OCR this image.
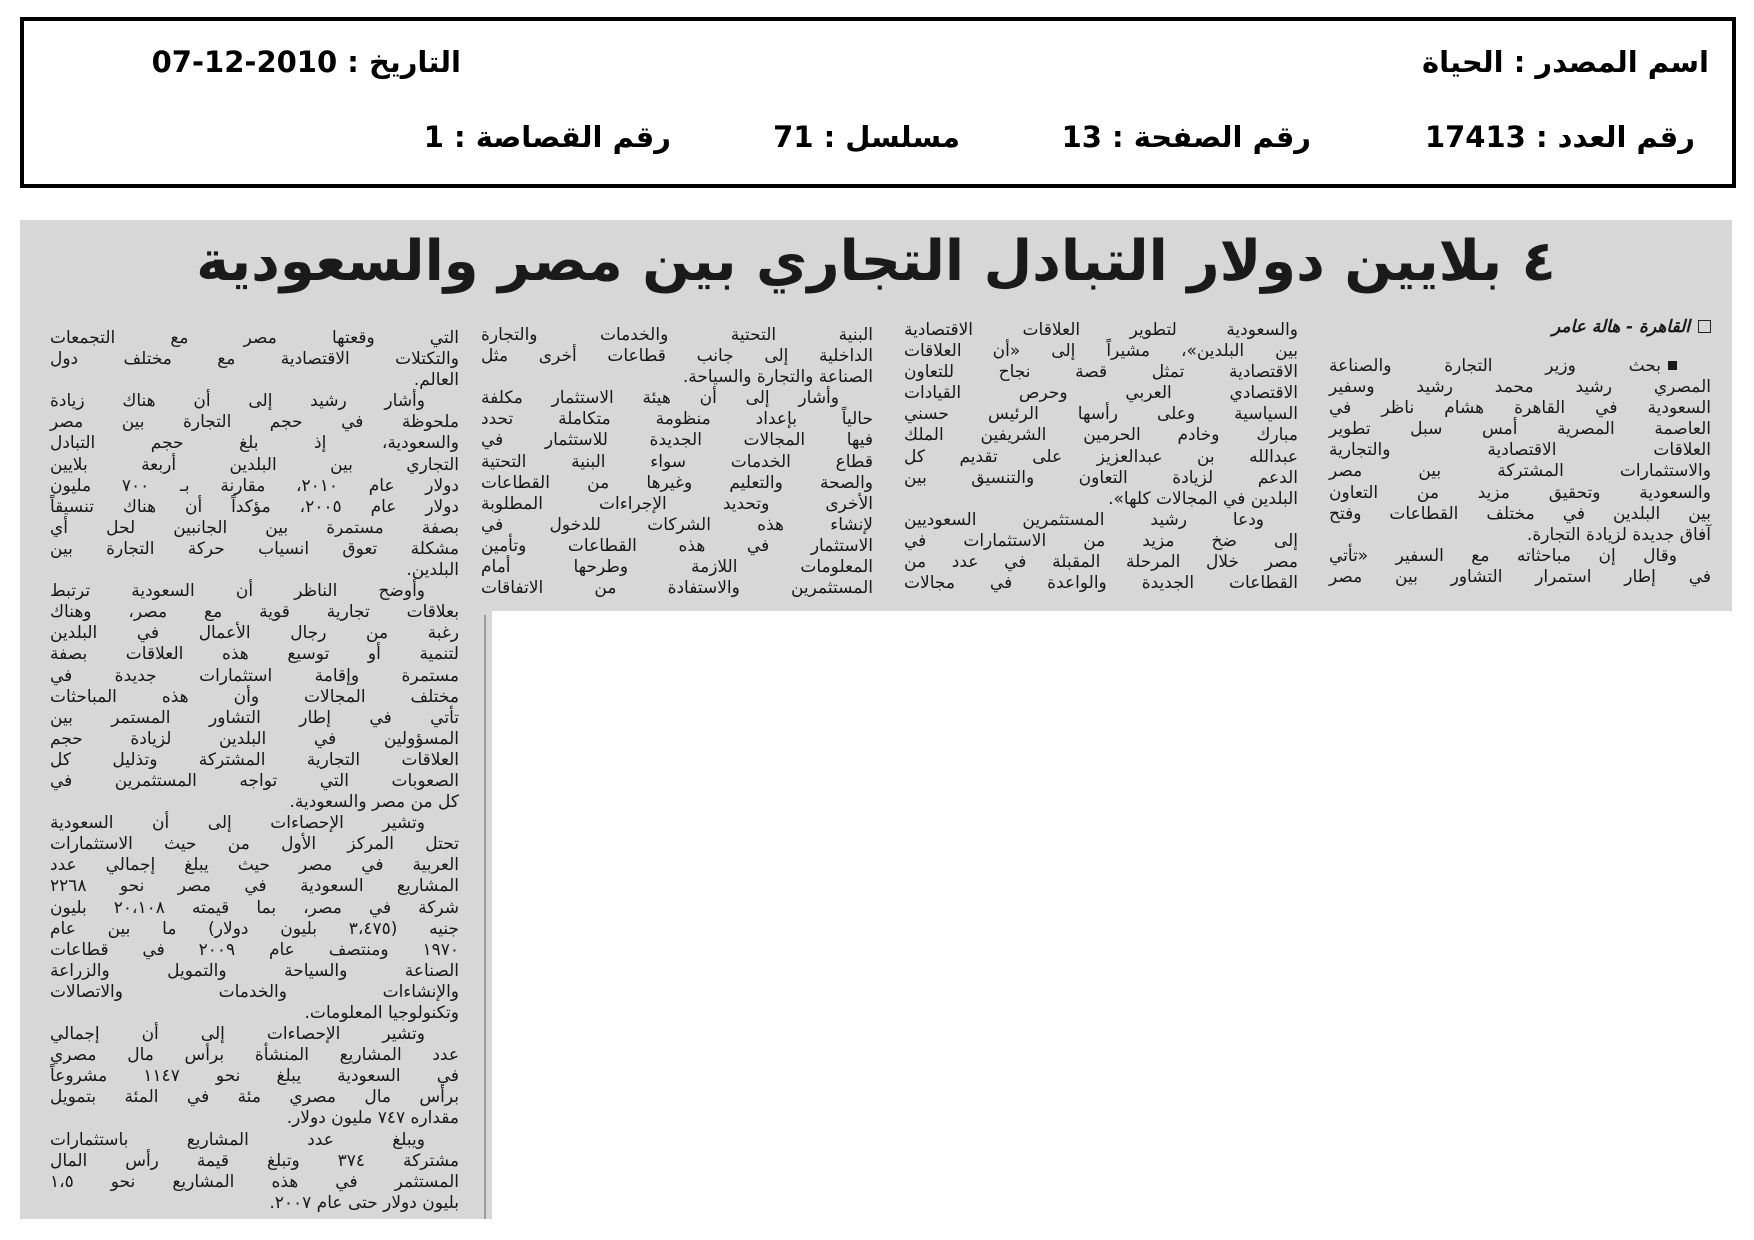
اسم المصدر : الحياة
التاريخ : 2010-12-07
رقم العدد : 17413
رقم الصفحة : 13
مسلسل : 71
رقم القصاصة : 1
٤ بلايين دولار التبادل التجاري بين مصر والسعودية
القاهرة - هالة عامر
بحث وزير التجارة والصناعة
المصري رشيد محمد رشيد وسفير
السعودية في القاهرة هشام ناظر في
العاصمة المصرية أمس سبل تطوير
العلاقات الاقتصادية والتجارية
والاستثمارات المشتركة بين مصر
والسعودية وتحقيق مزيد من التعاون
بين البلدين في مختلف القطاعات وفتح
آفاق جديدة لزيادة التجارة.
وقال إن مباحثاته مع السفير «تأتي
في إطار استمرار التشاور بين مصر
والسعودية لتطوير العلاقات الاقتصادية
بين البلدين»، مشيراً إلى «أن العلاقات
الاقتصادية تمثل قصة نجاح للتعاون
الاقتصادي العربي وحرص القيادات
السياسية وعلى رأسها الرئيس حسني
مبارك وخادم الحرمين الشريفين الملك
عبدالله بن عبدالعزيز على تقديم كل
الدعم لزيادة التعاون والتنسيق بين
البلدين في المجالات كلها».
ودعا رشيد المستثمرين السعوديين
إلى ضخ مزيد من الاستثمارات في
مصر خلال المرحلة المقبلة في عدد من
القطاعات الجديدة والواعدة في مجالات
البنية التحتية والخدمات والتجارة
الداخلية إلى جانب قطاعات أخرى مثل
الصناعة والتجارة والسياحة.
وأشار إلى أن هيئة الاستثمار مكلفة
حالياً بإعداد منظومة متكاملة تحدد
فيها المجالات الجديدة للاستثمار في
قطاع الخدمات سواء البنية التحتية
والصحة والتعليم وغيرها من القطاعات
الأخرى وتحديد الإجراءات المطلوبة
لإنشاء هذه الشركات للدخول في
الاستثمار في هذه القطاعات وتأمين
المعلومات اللازمة وطرحها أمام
المستثمرين والاستفادة من الاتفاقات
التي وقعتها مصر مع التجمعات
والتكتلات الاقتصادية مع مختلف دول
العالم.
وأشار رشيد إلى أن هناك زيادة
ملحوظة في حجم التجارة بين مصر
والسعودية، إذ بلغ حجم التبادل
التجاري بين البلدين أربعة بلايين
دولار عام ٢٠١٠، مقارنة بـ ٧٠٠ مليون
دولار عام ٢٠٠٥، مؤكداً أن هناك تنسيقاً
بصفة مستمرة بين الجانبين لحل أي
مشكلة تعوق انسياب حركة التجارة بين
البلدين.
وأوضح الناظر أن السعودية ترتبط
بعلاقات تجارية قوية مع مصر، وهناك
رغبة من رجال الأعمال في البلدين
لتنمية أو توسيع هذه العلاقات بصفة
مستمرة وإقامة استثمارات جديدة في
مختلف المجالات وأن هذه المباحثات
تأتي في إطار التشاور المستمر بين
المسؤولين في البلدين لزيادة حجم
العلاقات التجارية المشتركة وتذليل كل
الصعوبات التي تواجه المستثمرين في
كل من مصر والسعودية.
وتشير الإحصاءات إلى أن السعودية
تحتل المركز الأول من حيث الاستثمارات
العربية في مصر حيث يبلغ إجمالي عدد
المشاريع السعودية في مصر نحو ٢٢٦٨
شركة في مصر، بما قيمته ٢٠،١٠٨ بليون
جنيه (٣،٤٧٥ بليون دولار) ما بين عام
١٩٧٠ ومنتصف عام ٢٠٠٩ في قطاعات
الصناعة والسياحة والتمويل والزراعة
والإنشاءات والخدمات والاتصالات
وتكنولوجيا المعلومات.
وتشير الإحصاءات إلى أن إجمالي
عدد المشاريع المنشأة برأس مال مصري
في السعودية يبلغ نحو ١١٤٧ مشروعاً
برأس مال مصري مئة في المئة بتمويل
مقداره ٧٤٧ مليون دولار.
ويبلغ عدد المشاريع باستثمارات
مشتركة ٣٧٤ وتبلغ قيمة رأس المال
المستثمر في هذه المشاريع نحو ١،٥
بليون دولار حتى عام ٢٠٠٧.
